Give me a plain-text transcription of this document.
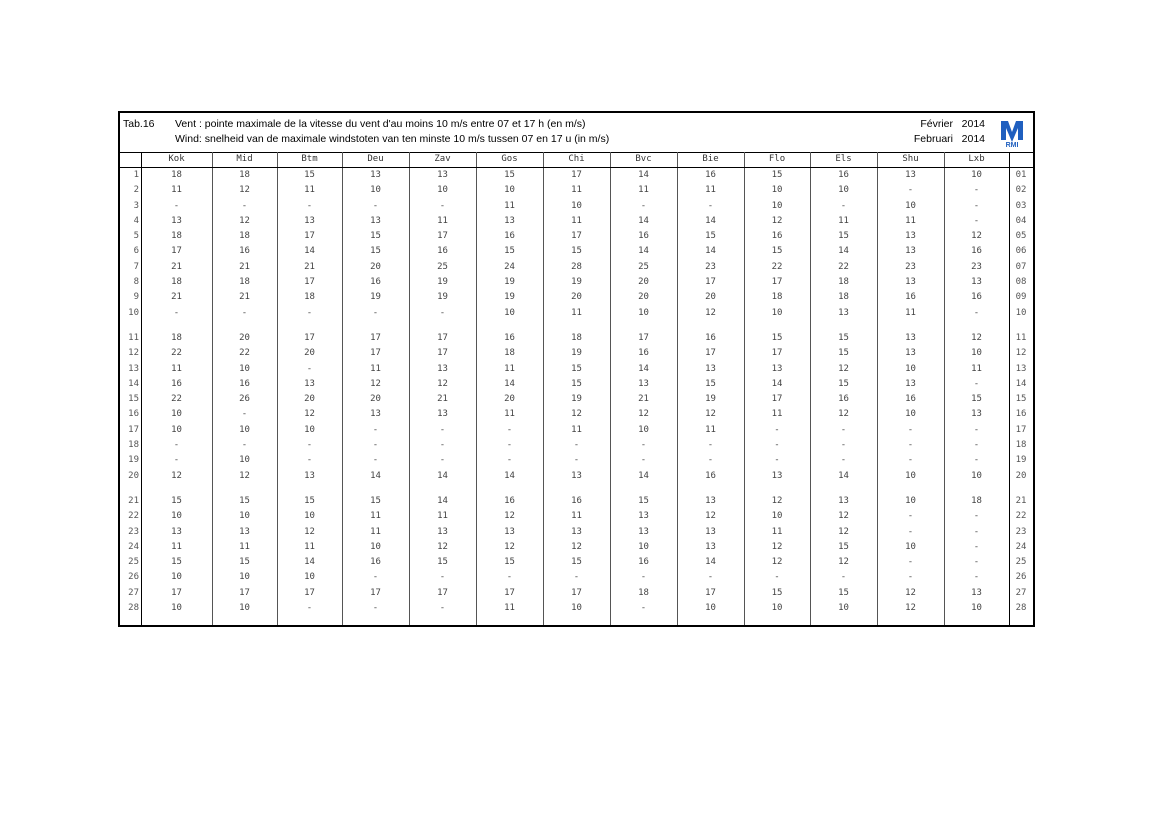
Tab.16 Vent : pointe maximale de la vitesse du vent d'au moins 10 m/s entre 07 et 17 h (en m/s)
Wind: snelheid van de maximale windstoten van ten minste 10 m/s tussen 07 en 17 u (in m/s)
Février 2014
Februari 2014
RMI
	Kok	Mid	Btm	Deu	Zav	Gos	Chi	Bvc	Bie	Flo	Els	Shu	Lxb	
1	18	18	15	13	13	15	17	14	16	15	16	13	10	01
2	11	12	11	10	10	10	11	11	11	10	10	-	-	02
3	-	-	-	-	-	11	10	-	-	10	-	10	-	03
4	13	12	13	13	11	13	11	14	14	12	11	11	-	04
5	18	18	17	15	17	16	17	16	15	16	15	13	12	05
6	17	16	14	15	16	15	15	14	14	15	14	13	16	06
7	21	21	21	20	25	24	28	25	23	22	22	23	23	07
8	18	18	17	16	19	19	19	20	17	17	18	13	13	08
9	21	21	18	19	19	19	20	20	20	18	18	16	16	09
10	-	-	-	-	-	10	11	10	12	10	13	11	-	10

11	18	20	17	17	17	16	18	17	16	15	15	13	12	11
12	22	22	20	17	17	18	19	16	17	17	15	13	10	12
13	11	10	-	11	13	11	15	14	13	13	12	10	11	13
14	16	16	13	12	12	14	15	13	15	14	15	13	-	14
15	22	26	20	20	21	20	19	21	19	17	16	16	15	15
16	10	-	12	13	13	11	12	12	12	11	12	10	13	16
17	10	10	10	-	-	-	11	10	11	-	-	-	-	17
18	-	-	-	-	-	-	-	-	-	-	-	-	-	18
19	-	10	-	-	-	-	-	-	-	-	-	-	-	19
20	12	12	13	14	14	14	13	14	16	13	14	10	10	20

21	15	15	15	15	14	16	16	15	13	12	13	10	18	21
22	10	10	10	11	11	12	11	13	12	10	12	-	-	22
23	13	13	12	11	13	13	13	13	13	11	12	-	-	23
24	11	11	11	10	12	12	12	10	13	12	15	10	-	24
25	15	15	14	16	15	15	15	16	14	12	12	-	-	25
26	10	10	10	-	-	-	-	-	-	-	-	-	-	26
27	17	17	17	17	17	17	17	18	17	15	15	12	13	27
28	10	10	-	-	-	11	10	-	10	10	10	12	10	28
